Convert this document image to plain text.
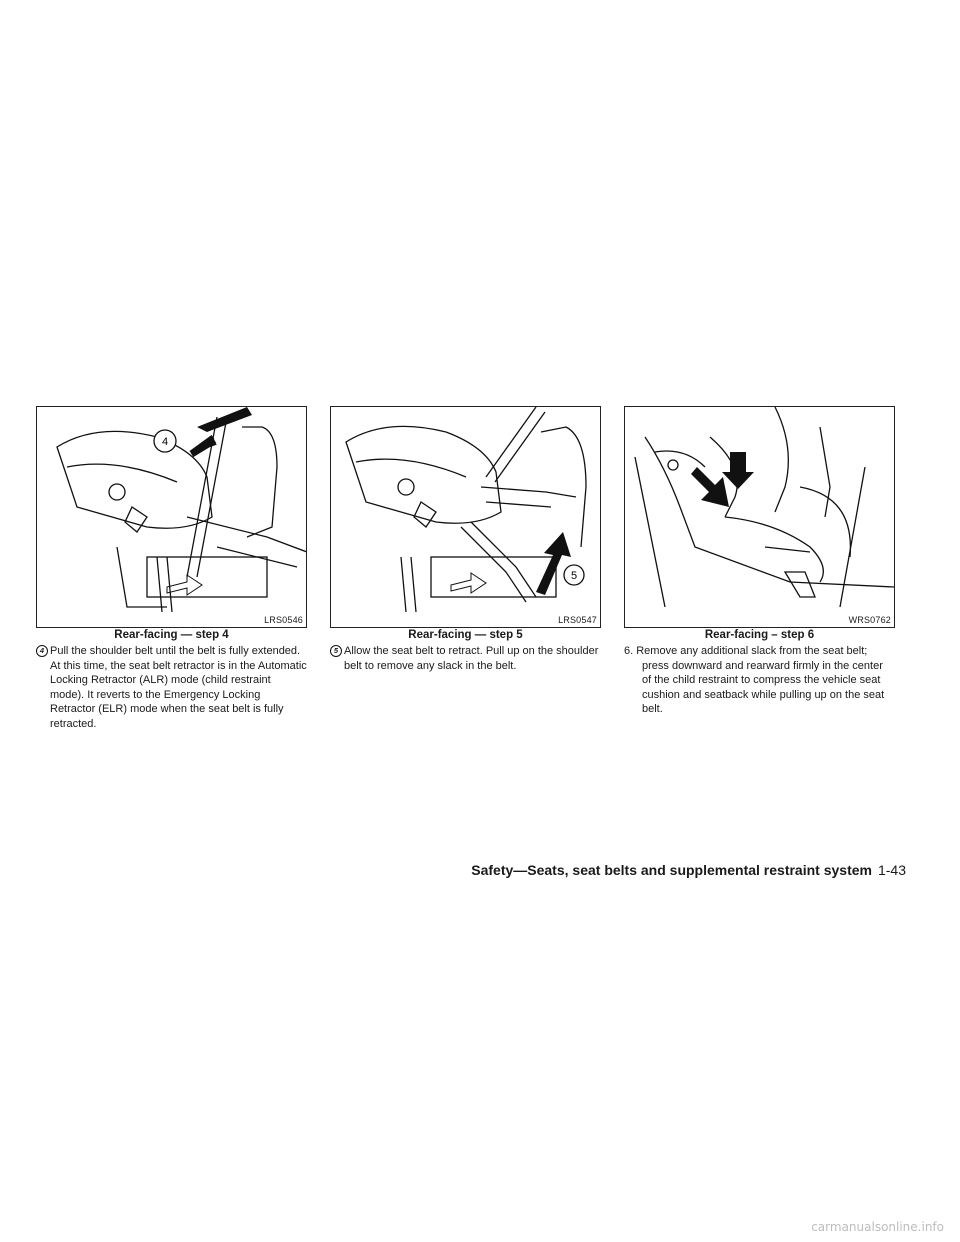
4
LRS0546
Rear-facing — step 4
4 Pull the shoulder belt until the belt is fully extended. At this time, the seat belt retractor is in the Automatic Locking Retractor (ALR) mode (child restraint mode). It reverts to the Emergency Locking Retractor (ELR) mode when the seat belt is fully retracted.
5
LRS0547
Rear-facing — step 5
5 Allow the seat belt to retract. Pull up on the shoulder belt to remove any slack in the belt.
WRS0762
Rear-facing – step 6
6. Remove any additional slack from the seat belt; press downward and rearward firmly in the center of the child restraint to compress the vehicle seat cushion and seatback while pulling up on the seat belt.
Safety—Seats, seat belts and supplemental restraint system 1-43
carmanualsonline.info
